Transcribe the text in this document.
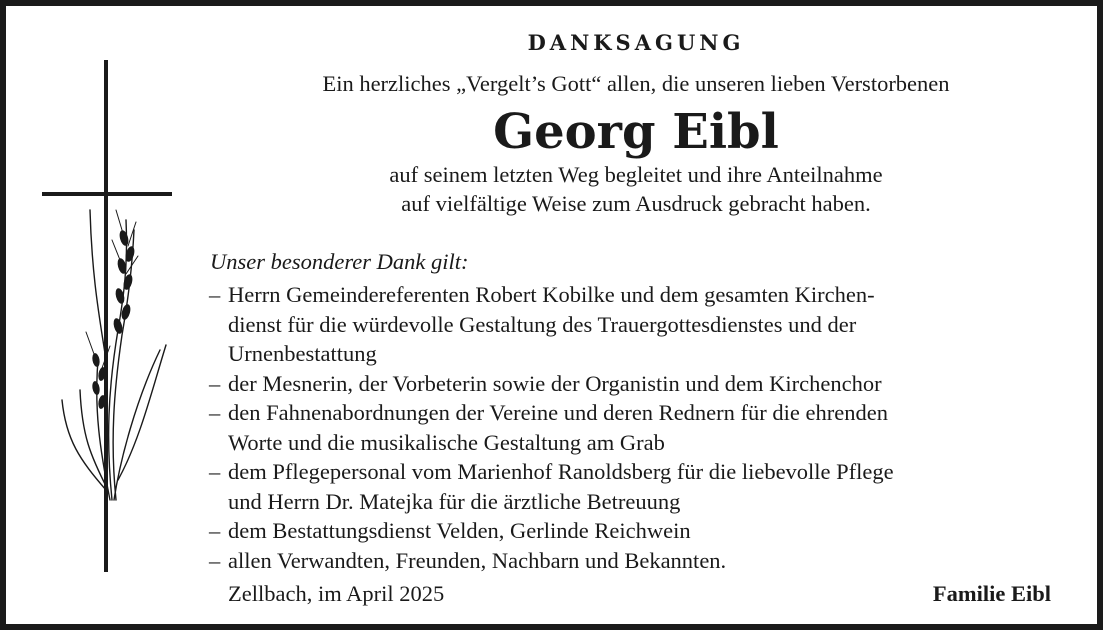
DANKSAGUNG
Ein herzliches „Vergelt’s Gott“ allen, die unseren lieben Verstorbenen
Georg Eibl
auf seinem letzten Weg begleitet und ihre Anteilnahme
auf vielfältige Weise zum Ausdruck gebracht haben.
Unser besonderer Dank gilt:
– Herrn Gemeindereferenten Robert Kobilke und dem gesamten Kirchen-
dienst für die würdevolle Gestaltung des Trauergottesdienstes und der
Urnenbestattung
– der Mesnerin, der Vorbeterin sowie der Organistin und dem Kirchenchor
– den Fahnenabordnungen der Vereine und deren Rednern für die ehrenden
Worte und die musikalische Gestaltung am Grab
– dem Pflegepersonal vom Marienhof Ranoldsberg für die liebevolle Pflege
und Herrn Dr. Matejka für die ärztliche Betreuung
– dem Bestattungsdienst Velden, Gerlinde Reichwein
– allen Verwandten, Freunden, Nachbarn und Bekannten.
Zellbach, im April 2025	Familie Eibl
